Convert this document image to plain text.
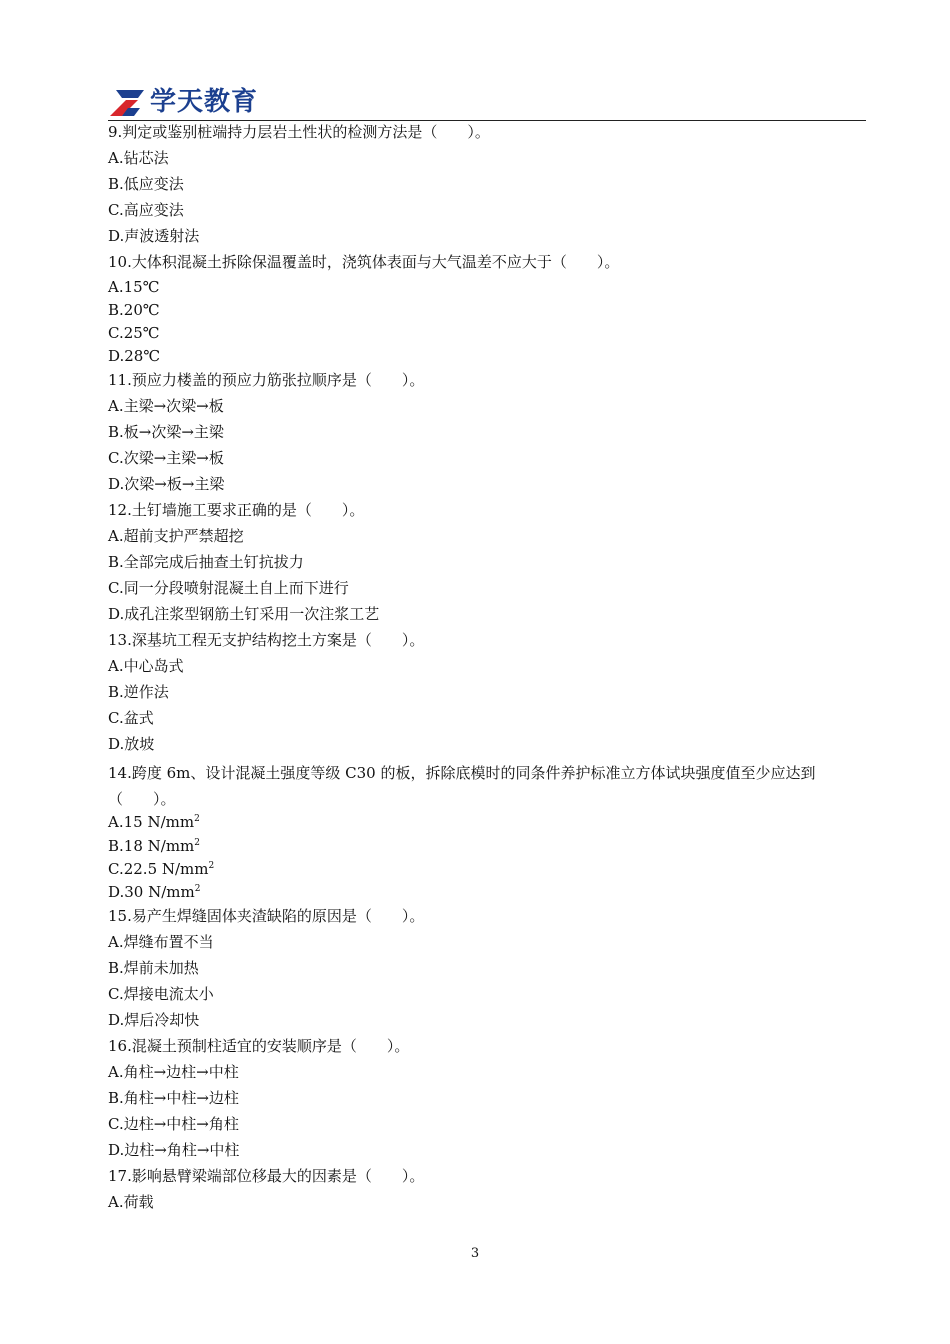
学天教育
9.判定或鉴别桩端持力层岩土性状的检测方法是（　　）。
A.钻芯法
B.低应变法
C.高应变法
D.声波透射法
10.大体积混凝土拆除保温覆盖时，浇筑体表面与大气温差不应大于（　　）。
A.15℃
B.20℃
C.25℃
D.28℃
11.预应力楼盖的预应力筋张拉顺序是（　　）。
A.主梁→次梁→板
B.板→次梁→主梁
C.次梁→主梁→板
D.次梁→板→主梁
12.土钉墙施工要求正确的是（　　）。
A.超前支护严禁超挖
B.全部完成后抽查土钉抗拔力
C.同一分段喷射混凝土自上而下进行
D.成孔注浆型钢筋土钉采用一次注浆工艺
13.深基坑工程无支护结构挖土方案是（　　）。
A.中心岛式
B.逆作法
C.盆式
D.放坡
14.跨度 6m、设计混凝土强度等级 C30 的板，拆除底模时的同条件养护标准立方体试块强度值至少应达到（　　）。
A.15 $N/mm^2$
B.18 $N/mm^2$
C.22.5 $N/mm^2$
D.30 $N/mm^2$
15.易产生焊缝固体夹渣缺陷的原因是（　　）。
A.焊缝布置不当
B.焊前未加热
C.焊接电流太小
D.焊后冷却快
16.混凝土预制柱适宜的安装顺序是（　　）。
A.角柱→边柱→中柱
B.角柱→中柱→边柱
C.边柱→中柱→角柱
D.边柱→角柱→中柱
17.影响悬臂梁端部位移最大的因素是（　　）。
A.荷载
3
